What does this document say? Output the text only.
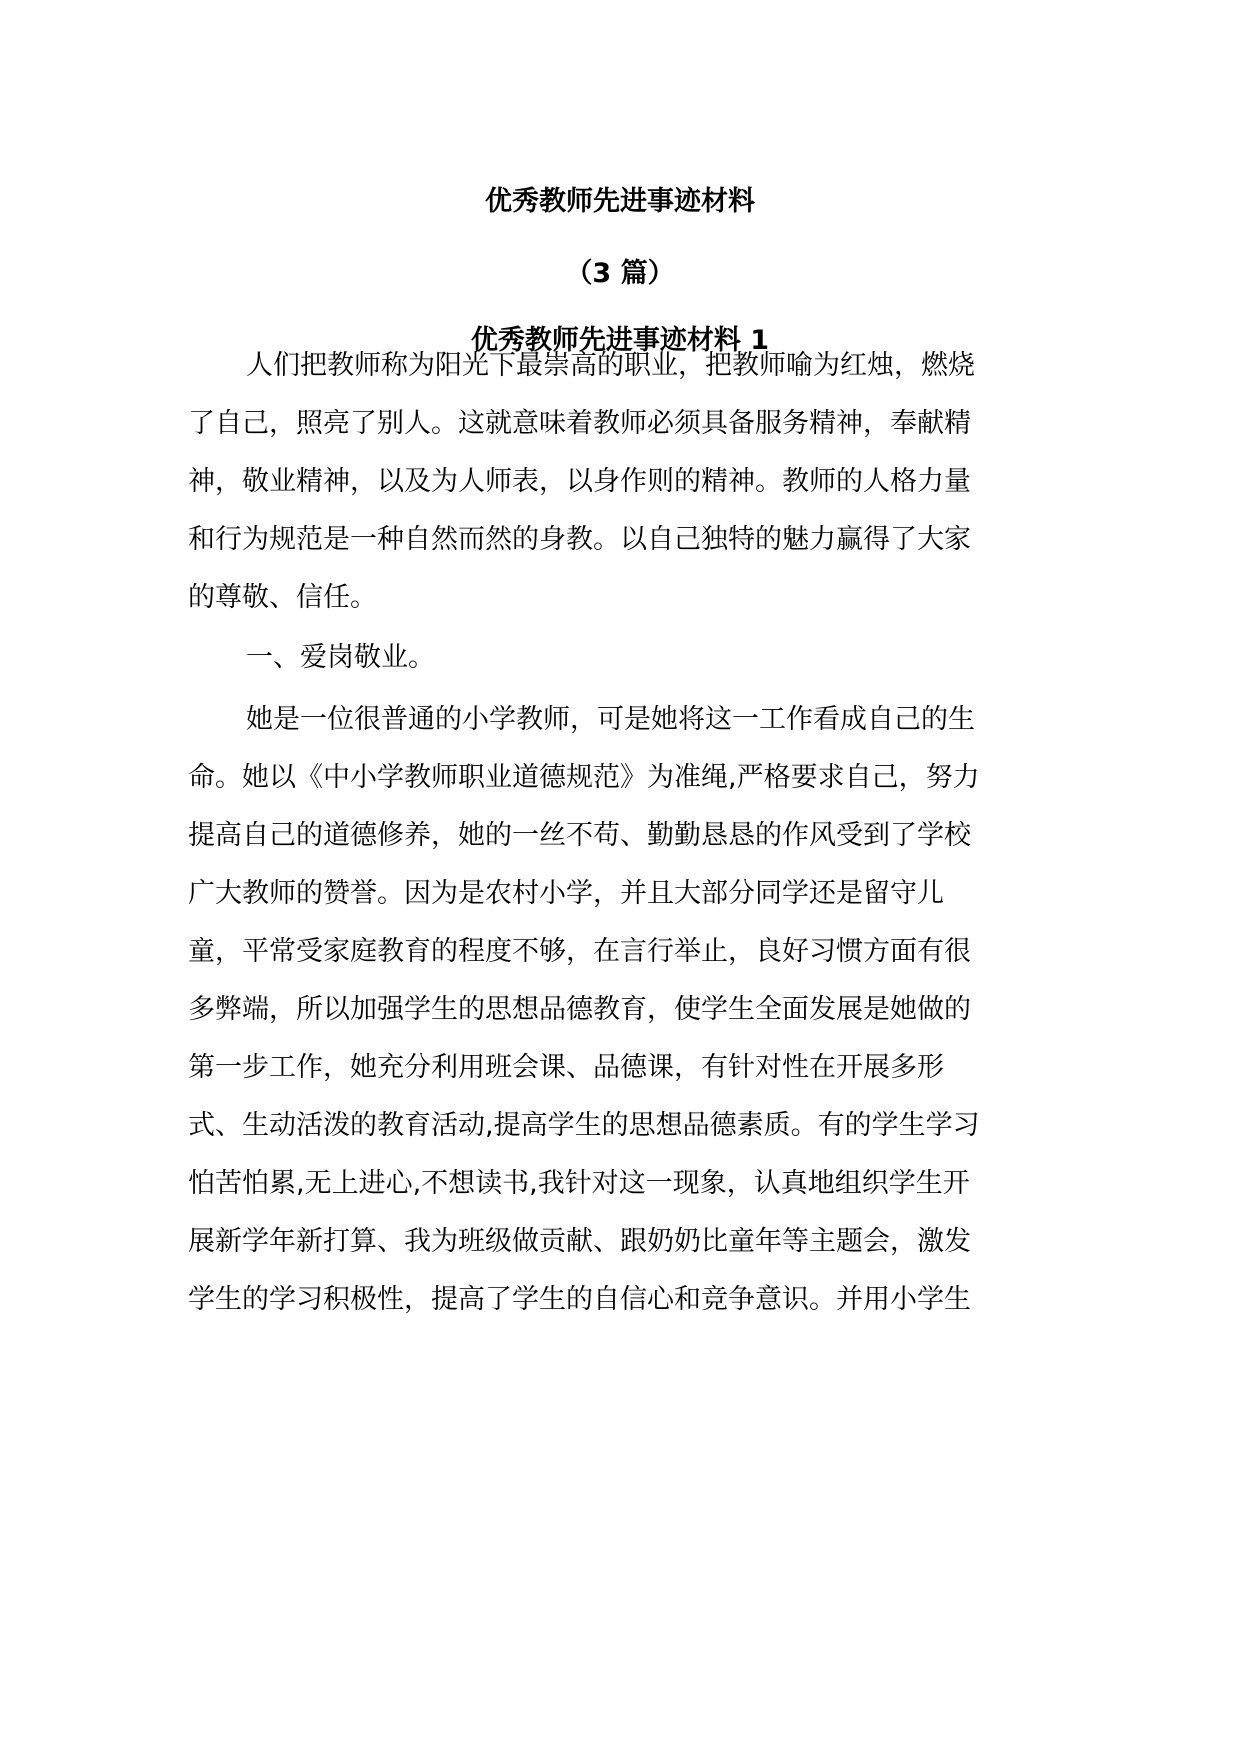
优秀教师先进事迹材料
（3 篇）
优秀教师先进事迹材料 1
人们把教师称为阳光下最崇高的职业，把教师喻为红烛，燃烧
了自己，照亮了别人。这就意味着教师必须具备服务精神，奉献精
神，敬业精神，以及为人师表，以身作则的精神。教师的人格力量
和行为规范是一种自然而然的身教。以自己独特的魅力赢得了大家
的尊敬、信任。
一、爱岗敬业。
她是一位很普通的小学教师，可是她将这一工作看成自己的生
命。她以《中小学教师职业道德规范》为准绳,严格要求自己，努力
提高自己的道德修养，她的一丝不苟、勤勤恳恳的作风受到了学校
广大教师的赞誉。因为是农村小学，并且大部分同学还是留守儿
童，平常受家庭教育的程度不够，在言行举止，良好习惯方面有很
多弊端，所以加强学生的思想品德教育，使学生全面发展是她做的
第一步工作，她充分利用班会课、品德课，有针对性在开展多形
式、生动活泼的教育活动,提高学生的思想品德素质。有的学生学习
怕苦怕累,无上进心,不想读书,我针对这一现象，认真地组织学生开
展新学年新打算、我为班级做贡献、跟奶奶比童年等主题会，激发
学生的学习积极性，提高了学生的自信心和竞争意识。并用小学生
